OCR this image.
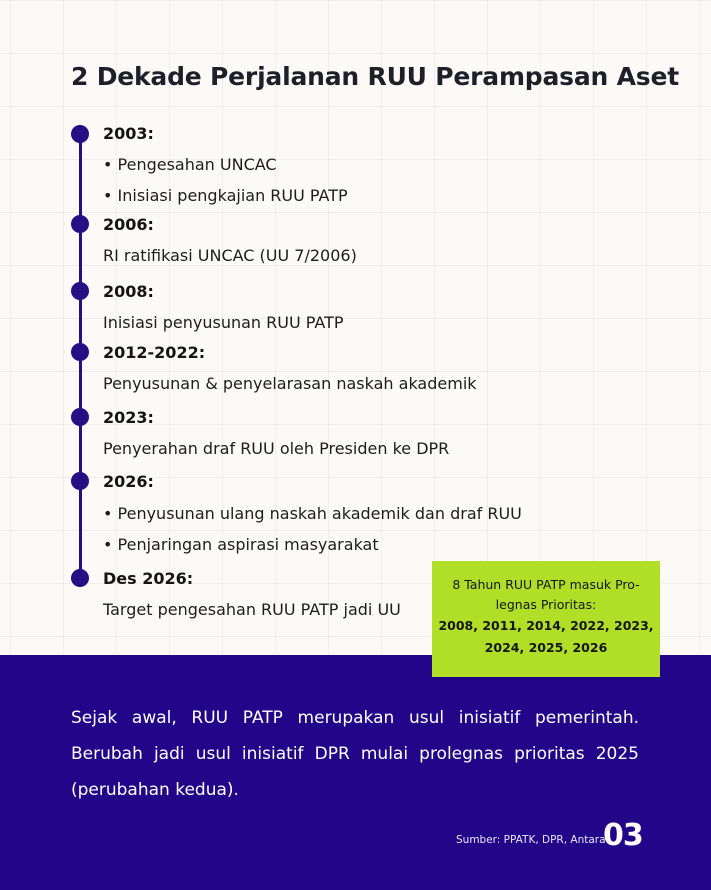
2 Dekade Perjalanan RUU Perampasan Aset

2003:

• Pengesahan UNCAC

• Inisiasi pengkajian RUU PATP

2006:

RI ratifikasi UNCAC (UU 7/2006)

2008:

Inisiasi penyusunan RUU PATP

2012-2022:

Penyusunan & penyelarasan naskah akademik

2023:

Penyerahan draf RUU oleh Presiden ke DPR

2026:

• Penyusunan ulang naskah akademik dan draf RUU

• Penjaringan aspirasi masyarakat

Des 2026:

Target pengesahan RUU PATP jadi UU

8 Tahun RUU PATP masuk Pro-legnas Prioritas:

2008, 2011, 2014, 2022, 2023, 2024, 2025, 2026

Sejak awal, RUU PATP merupakan usul inisiatif pemerintah. Berubah jadi usul inisiatif DPR mulai prolegnas prioritas 2025 (perubahan kedua).

Sumber: PPATK, DPR, Antara
03
